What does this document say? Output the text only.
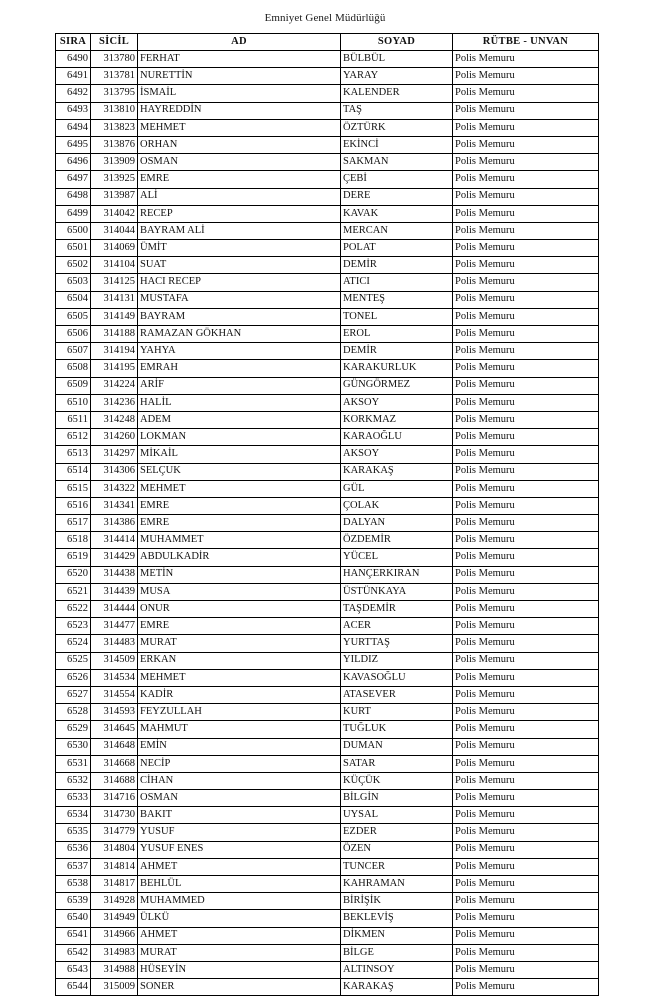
Emniyet Genel Müdürlüğü
SIRA	SİCİL	AD	SOYAD	RÜTBE - UNVAN
6490	313780	FERHAT	BÜLBÜL	Polis Memuru
6491	313781	NURETTİN	YARAY	Polis Memuru
6492	313795	İSMAİL	KALENDER	Polis Memuru
6493	313810	HAYREDDİN	TAŞ	Polis Memuru
6494	313823	MEHMET	ÖZTÜRK	Polis Memuru
6495	313876	ORHAN	EKİNCİ	Polis Memuru
6496	313909	OSMAN	SAKMAN	Polis Memuru
6497	313925	EMRE	ÇEBİ	Polis Memuru
6498	313987	ALİ	DERE	Polis Memuru
6499	314042	RECEP	KAVAK	Polis Memuru
6500	314044	BAYRAM ALİ	MERCAN	Polis Memuru
6501	314069	ÜMİT	POLAT	Polis Memuru
6502	314104	SUAT	DEMİR	Polis Memuru
6503	314125	HACI RECEP	ATICI	Polis Memuru
6504	314131	MUSTAFA	MENTEŞ	Polis Memuru
6505	314149	BAYRAM	TONEL	Polis Memuru
6506	314188	RAMAZAN GÖKHAN	EROL	Polis Memuru
6507	314194	YAHYA	DEMİR	Polis Memuru
6508	314195	EMRAH	KARAKURLUK	Polis Memuru
6509	314224	ARİF	GÜNGÖRMEZ	Polis Memuru
6510	314236	HALİL	AKSOY	Polis Memuru
6511	314248	ADEM	KORKMAZ	Polis Memuru
6512	314260	LOKMAN	KARAOĞLU	Polis Memuru
6513	314297	MİKAİL	AKSOY	Polis Memuru
6514	314306	SELÇUK	KARAKAŞ	Polis Memuru
6515	314322	MEHMET	GÜL	Polis Memuru
6516	314341	EMRE	ÇOLAK	Polis Memuru
6517	314386	EMRE	DALYAN	Polis Memuru
6518	314414	MUHAMMET	ÖZDEMİR	Polis Memuru
6519	314429	ABDULKADİR	YÜCEL	Polis Memuru
6520	314438	METİN	HANÇERKIRAN	Polis Memuru
6521	314439	MUSA	ÜSTÜNKAYA	Polis Memuru
6522	314444	ONUR	TAŞDEMİR	Polis Memuru
6523	314477	EMRE	ACER	Polis Memuru
6524	314483	MURAT	YURTTAŞ	Polis Memuru
6525	314509	ERKAN	YILDIZ	Polis Memuru
6526	314534	MEHMET	KAVASOĞLU	Polis Memuru
6527	314554	KADİR	ATASEVER	Polis Memuru
6528	314593	FEYZULLAH	KURT	Polis Memuru
6529	314645	MAHMUT	TUĞLUK	Polis Memuru
6530	314648	EMİN	DUMAN	Polis Memuru
6531	314668	NECİP	SATAR	Polis Memuru
6532	314688	CİHAN	KÜÇÜK	Polis Memuru
6533	314716	OSMAN	BİLGİN	Polis Memuru
6534	314730	BAKIT	UYSAL	Polis Memuru
6535	314779	YUSUF	EZDER	Polis Memuru
6536	314804	YUSUF ENES	ÖZEN	Polis Memuru
6537	314814	AHMET	TUNCER	Polis Memuru
6538	314817	BEHLÜL	KAHRAMAN	Polis Memuru
6539	314928	MUHAMMED	BİRİŞİK	Polis Memuru
6540	314949	ÜLKÜ	BEKLEVİŞ	Polis Memuru
6541	314966	AHMET	DİKMEN	Polis Memuru
6542	314983	MURAT	BİLGE	Polis Memuru
6543	314988	HÜSEYİN	ALTINSOY	Polis Memuru
6544	315009	SONER	KARAKAŞ	Polis Memuru
